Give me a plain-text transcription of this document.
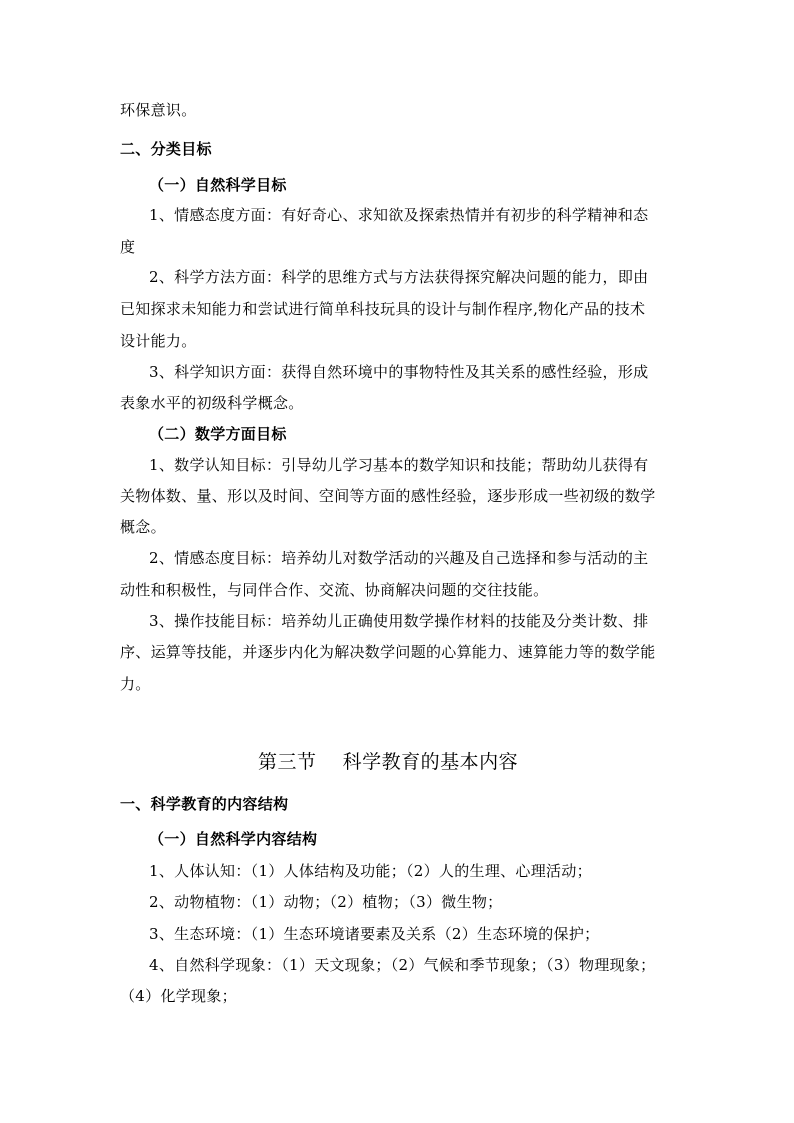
环保意识。
二、分类目标
（一）自然科学目标
1、情感态度方面：有好奇心、求知欲及探索热情并有初步的科学精神和态
度
2、科学方法方面：科学的思维方式与方法获得探究解决问题的能力，即由
已知探求未知能力和尝试进行简单科技玩具的设计与制作程序,物化产品的技术
设计能力。
3、科学知识方面：获得自然环境中的事物特性及其关系的感性经验，形成
表象水平的初级科学概念。
（二）数学方面目标
1、数学认知目标：引导幼儿学习基本的数学知识和技能；帮助幼儿获得有
关物体数、量、形以及时间、空间等方面的感性经验，逐步形成一些初级的数学
概念。
2、情感态度目标：培养幼儿对数学活动的兴趣及自己选择和参与活动的主
动性和积极性，与同伴合作、交流、协商解决问题的交往技能。
3、操作技能目标：培养幼儿正确使用数学操作材料的技能及分类计数、排
序、运算等技能，并逐步内化为解决数学问题的心算能力、速算能力等的数学能
力。
第三节    科学教育的基本内容
一、科学教育的内容结构
（一）自然科学内容结构
1、人体认知：（1）人体结构及功能；（2）人的生理、心理活动；
2、动物植物：（1）动物；（2）植物；（3）微生物；
3、生态环境：（1）生态环境诸要素及关系（2）生态环境的保护；
4、自然科学现象：（1）天文现象；（2）气候和季节现象；（3）物理现象；
（4）化学现象；
